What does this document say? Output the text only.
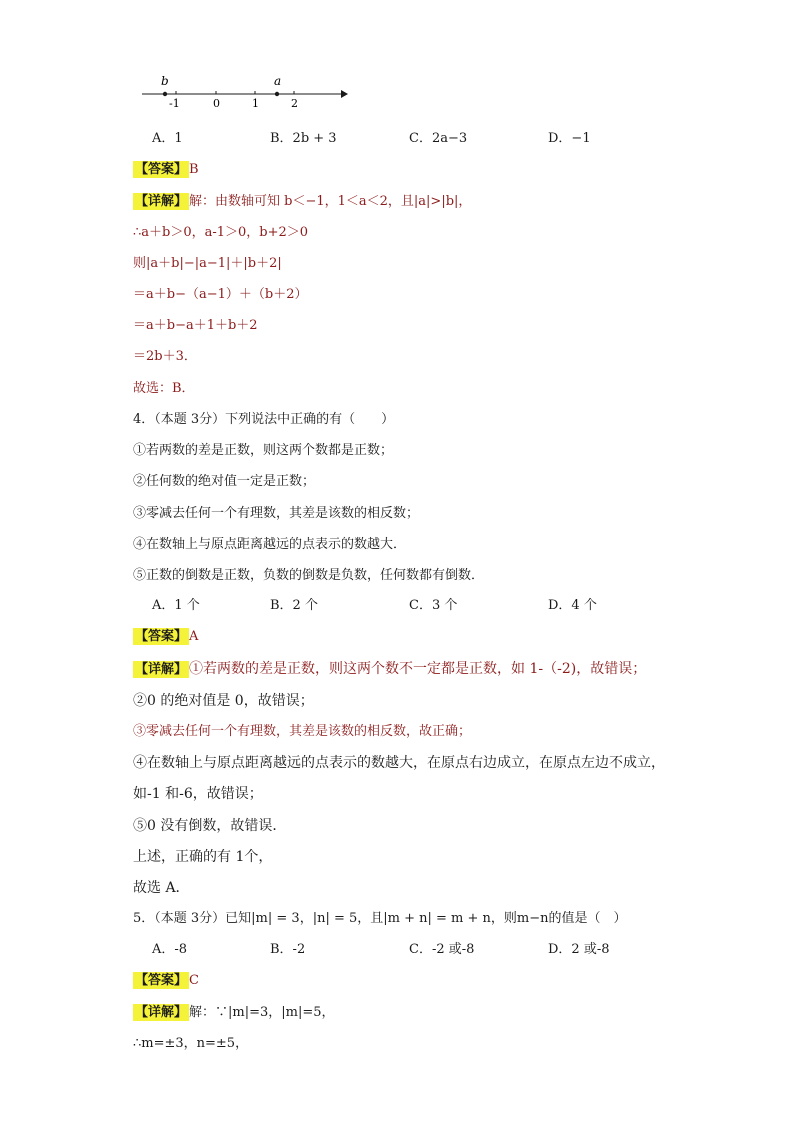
b	a
-1	0	1	2
A．1	B．2b + 3	C．2a−3	D．−1
【答案】 B
【详解】 解：由数轴可知 b＜−1，1＜a＜2，且|a|>|b|，
∴a＋b＞0，a-1＞0，b+2＞0
则|a＋b|−|a−1|＋|b＋2|
＝a＋b−（a−1）＋（b＋2）
＝a＋b−a＋1＋b＋2
＝2b＋3．
故选：B．
4．（本题 3分）下列说法中正确的有（　　）
①若两数的差是正数，则这两个数都是正数；
②任何数的绝对值一定是正数；
③零减去任何一个有理数，其差是该数的相反数；
④在数轴上与原点距离越远的点表示的数越大．
⑤正数的倒数是正数，负数的倒数是负数，任何数都有倒数．
A．1 个	B．2 个	C．3 个	D．4 个
【答案】 A
【详解】 ①若两数的差是正数，则这两个数不一定都是正数，如 1-（-2)，故错误；
②0 的绝对值是 0，故错误；
③零减去任何一个有理数，其差是该数的相反数，故正确；
④在数轴上与原点距离越远的点表示的数越大，在原点右边成立，在原点左边不成立，
如-1 和-6，故错误；
⑤0 没有倒数，故错误．
上述，正确的有 1个，
故选 A．
5．（本题 3分）已知|m| = 3，|n| = 5，且|m + n| = m + n，则m−n的值是（　）
A．-8	B．-2	C．-2 或-8	D．2 或-8
【答案】 C
【详解】 解：∵|m|=3，|m|=5，
∴m=±3，n=±5，
